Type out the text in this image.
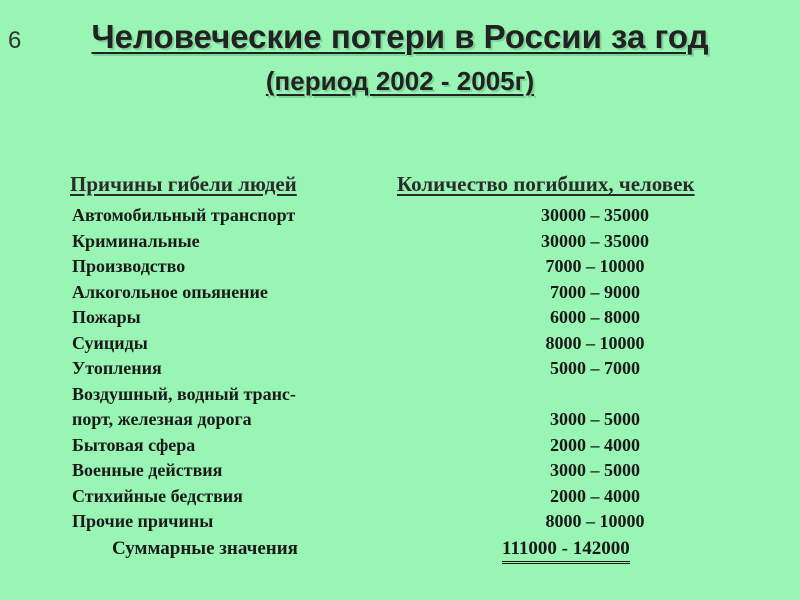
6	Человеческие потери в России за год
(период 2002 - 2005г)
Причины гибели людей	Количество погибших, человек
Автомобильный транспорт	30000 – 35000
Криминальные	30000 – 35000
Производство	7000 – 10000
Алкогольное опьянение	7000 – 9000
Пожары	6000 – 8000
Суициды	8000 – 10000
Утопления	5000 – 7000
Воздушный, водный транс-
порт, железная дорога	3000 – 5000
Бытовая сфера	2000 – 4000
Военные действия	3000 – 5000
Стихийные бедствия	2000 – 4000
Прочие причины	8000 – 10000
Суммарные значения	111000 - 142000
